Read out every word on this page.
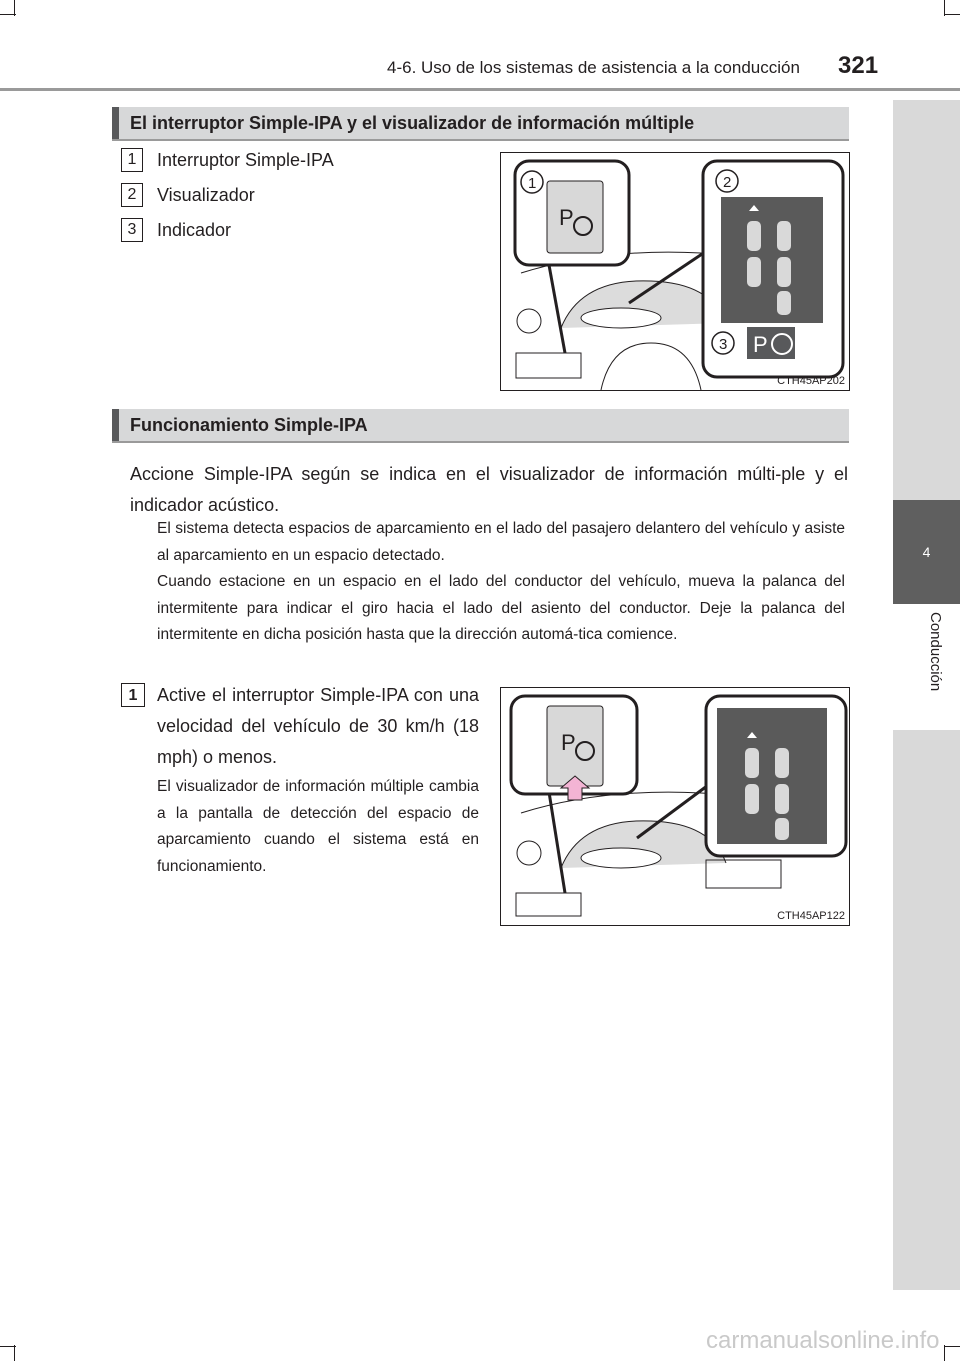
4-6. Uso de los sistemas de asistencia a la conducción 321
4
Conducción
El interruptor Simple-IPA y el visualizador de información múltiple
1	Interruptor Simple-IPA
2	Visualizador
3	Indicador	P
1	2
3 P
CTH45AP202
Funcionamiento Simple-IPA
Accione Simple-IPA según se indica en el visualizador de información múlti-ple y el indicador acústico.
El sistema detecta espacios de aparcamiento en el lado del pasajero delantero del vehículo y asiste al aparcamiento en un espacio detectado.
Cuando estacione en un espacio en el lado del conductor del vehículo, mueva la palanca del intermitente para indicar el giro hacia el lado del asiento del conductor. Deje la palanca del intermitente en dicha posición hasta que la dirección automá-tica comience.
1	Active el interruptor Simple-IPA con una velocidad del vehículo de 30 km/h (18 mph) o menos.
El visualizador de información múltiple cambia a la pantalla de detección del espacio de aparcamiento cuando el sistema está en funcionamiento.
P
CTH45AP122
carmanualsonline.info
